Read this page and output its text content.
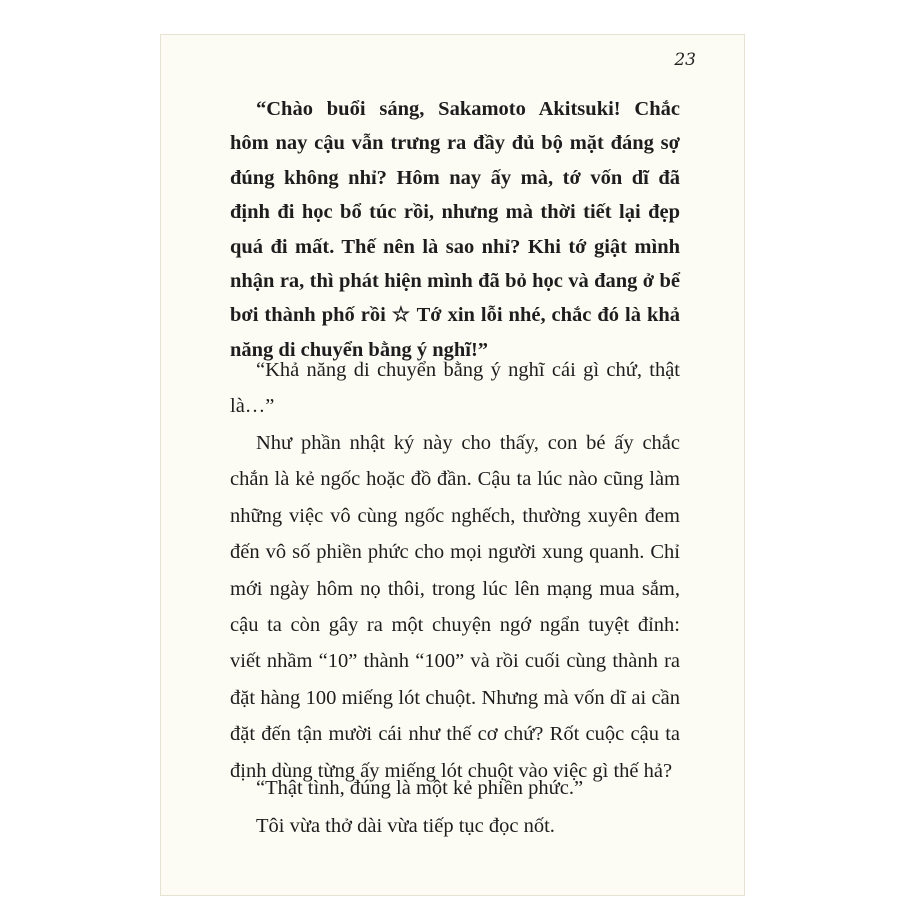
23

“Chào buổi sáng, Sakamoto Akitsuki! Chắc hôm nay cậu vẫn trưng ra đầy đủ bộ mặt đáng sợ đúng không nhỉ? Hôm nay ấy mà, tớ vốn dĩ đã định đi học bổ túc rồi, nhưng mà thời tiết lại đẹp quá đi mất. Thế nên là sao nhỉ? Khi tớ giật mình nhận ra, thì phát hiện mình đã bỏ học và đang ở bể bơi thành phố rồi ☆ Tớ xin lỗi nhé, chắc đó là khả năng di chuyển bằng ý nghĩ!”

“Khả năng di chuyển bằng ý nghĩ cái gì chứ, thật là…”

Như phần nhật ký này cho thấy, con bé ấy chắc chắn là kẻ ngốc hoặc đồ đần. Cậu ta lúc nào cũng làm những việc vô cùng ngốc nghếch, thường xuyên đem đến vô số phiền phức cho mọi người xung quanh. Chỉ mới ngày hôm nọ thôi, trong lúc lên mạng mua sắm, cậu ta còn gây ra một chuyện ngớ ngẩn tuyệt đỉnh: viết nhầm “10” thành “100” và rồi cuối cùng thành ra đặt hàng 100 miếng lót chuột. Nhưng mà vốn dĩ ai cần đặt đến tận mười cái như thế cơ chứ? Rốt cuộc cậu ta định dùng từng ấy miếng lót chuột vào việc gì thế hả?

“Thật tình, đúng là một kẻ phiền phức.”

Tôi vừa thở dài vừa tiếp tục đọc nốt.
